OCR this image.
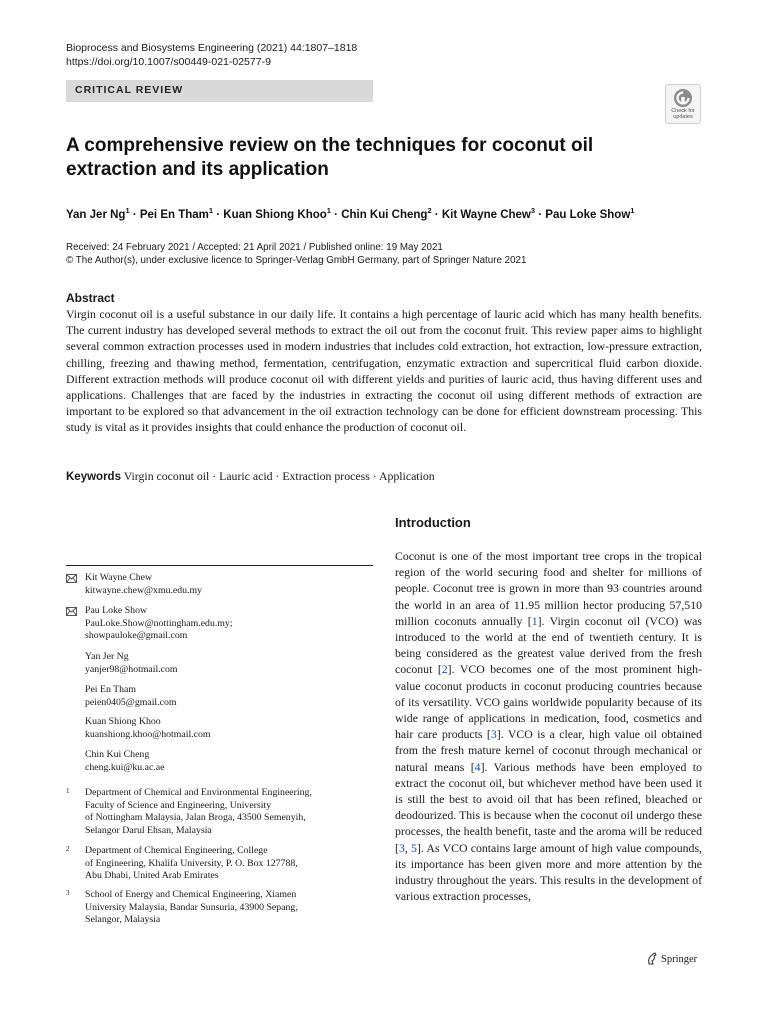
Bioprocess and Biosystems Engineering (2021) 44:1807–1818
https://doi.org/10.1007/s00449-021-02577-9
CRITICAL REVIEW
Check for updates
A comprehensive review on the techniques for coconut oil extraction and its application
Yan Jer $Ng^1$ · Pei En Tham$^1$ · Kuan Shiong Khoo$^1$ · Chin Kui Cheng$^2$ · Kit Wayne Chew$^3$ · Pau Loke Show$^1$
Received: 24 February 2021 / Accepted: 21 April 2021 / Published online: 19 May 2021
© The Author(s), under exclusive licence to Springer-Verlag GmbH Germany, part of Springer Nature 2021
Abstract

Virgin coconut oil is a useful substance in our daily life. It contains a high percentage of lauric acid which has many health benefits. The current industry has developed several methods to extract the oil out from the coconut fruit. This review paper aims to highlight several common extraction processes used in modern industries that includes cold extraction, hot extraction, low-pressure extraction, chilling, freezing and thawing method, fermentation, centrifugation, enzymatic extraction and supercritical fluid carbon dioxide. Different extraction methods will produce coconut oil with different yields and purities of lauric acid, thus having different uses and applications. Challenges that are faced by the industries in extracting the coconut oil using different methods of extraction are important to be explored so that advancement in the oil extraction technology can be done for efficient downstream processing. This study is vital as it provides insights that could enhance the production of coconut oil.

Keywords Virgin coconut oil · Lauric acid · Extraction process · Application
Kit Wayne Chew
kitwayne.chew@xmu.edu.my
Pau Loke Show
PauLoke.Show@nottingham.edu.my;
showpauloke@gmail.com
Yan Jer Ng
yanjer98@hotmail.com
Pei En Tham
peien0405@gmail.com
Kuan Shiong Khoo
kuanshiong.khoo@hotmail.com
Chin Kui Cheng
cheng.kui@ku.ac.ae
1 Department of Chemical and Environmental Engineering,
Faculty of Science and Engineering, University
of Nottingham Malaysia, Jalan Broga, 43500 Semenyih,
Selangor Darul Ehsan, Malaysia
2 Department of Chemical Engineering, College
of Engineering, Khalifa University, P. O. Box 127788,
Abu Dhabi, United Arab Emirates
3 School of Energy and Chemical Engineering, Xiamen
University Malaysia, Bandar Sunsuria, 43900 Sepang,
Selangor, Malaysia
Introduction

Coconut is one of the most important tree crops in the tropical region of the world securing food and shelter for millions of people. Coconut tree is grown in more than 93 countries around the world in an area of 11.95 million hector producing 57,510 million coconuts annually [1]. Virgin coconut oil (VCO) was introduced to the world at the end of twentieth century. It is being considered as the greatest value derived from the fresh coconut [2]. VCO becomes one of the most prominent high-value coconut products in coconut producing countries because of its versatility. VCO gains worldwide popularity because of its wide range of applications in medication, food, cosmetics and hair care products [3]. VCO is a clear, high value oil obtained from the fresh mature kernel of coconut through mechanical or natural means [4]. Various methods have been employed to extract the coconut oil, but whichever method have been used it is still the best to avoid oil that has been refined, bleached or deodourized. This is because when the coconut oil undergo these processes, the health benefit, taste and the aroma will be reduced [3, 5]. As VCO contains large amount of high value compounds, its importance has been given more and more attention by the industry throughout the years. This results in the development of various extraction processes,

Springer
